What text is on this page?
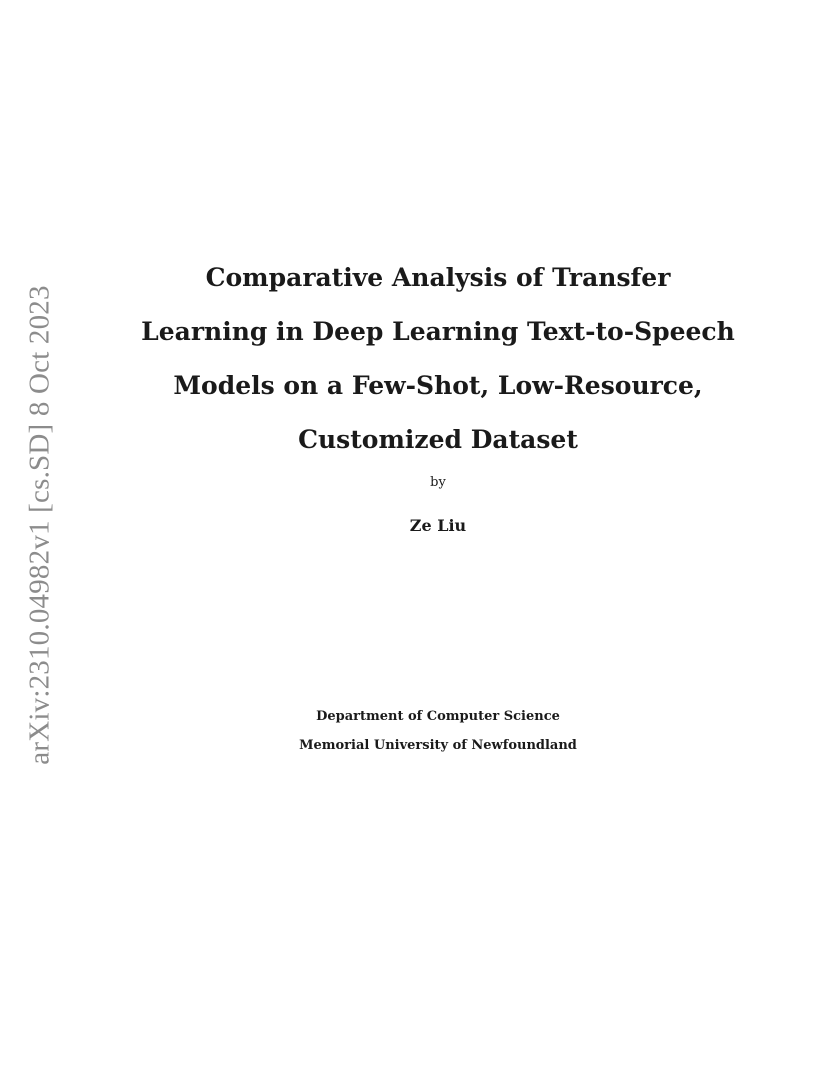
arXiv:2310.04982v1 [cs.SD] 8 Oct 2023
Comparative Analysis of Transfer
Learning in Deep Learning Text-to-Speech
Models on a Few-Shot, Low-Resource,
Customized Dataset
by
Ze Liu
Department of Computer Science
Memorial University of Newfoundland
